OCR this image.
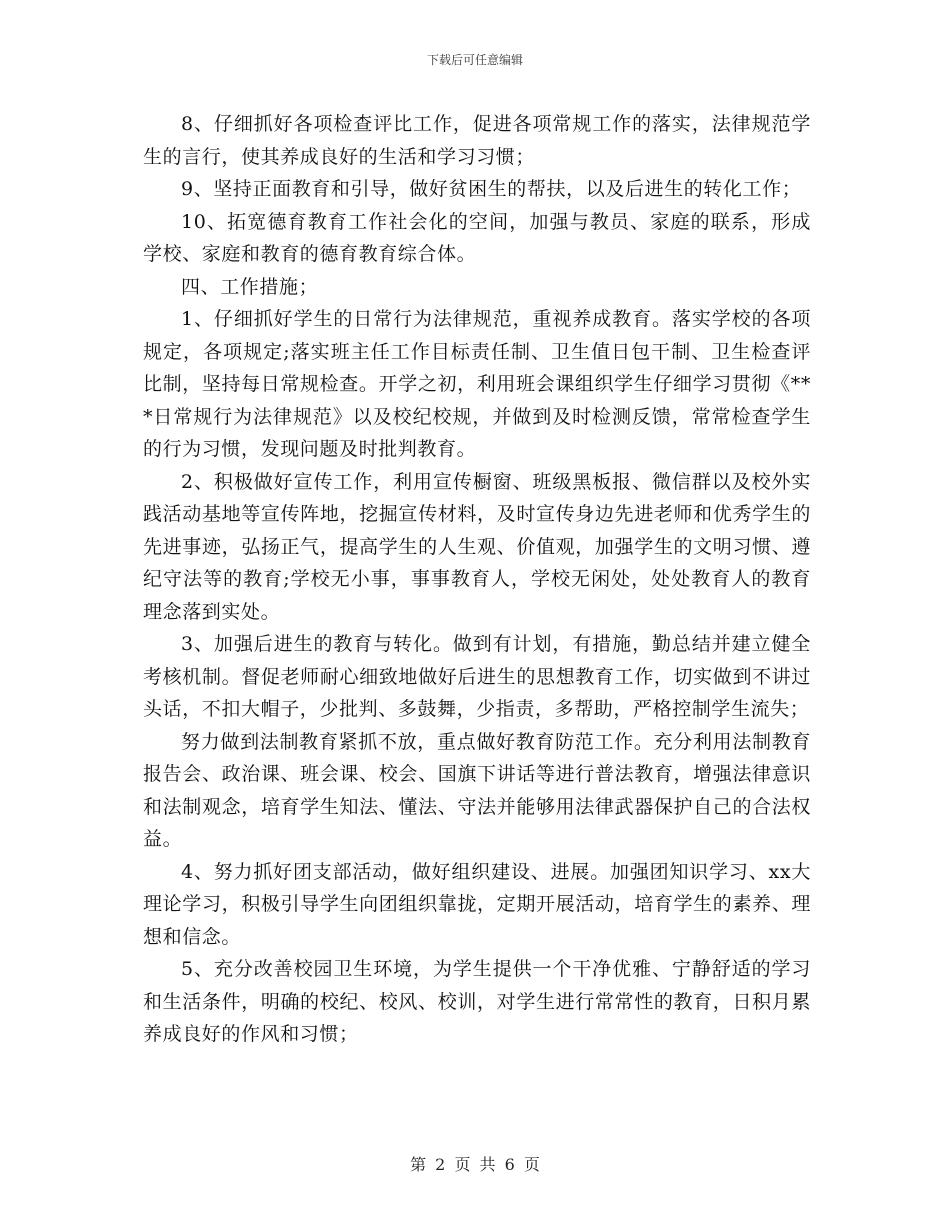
下载后可任意编辑

8、仔细抓好各项检查评比工作，促进各项常规工作的落实，法律规范学生的言行，使其养成良好的生活和学习习惯；

9、坚持正面教育和引导，做好贫困生的帮扶，以及后进生的转化工作；

10、拓宽德育教育工作社会化的空间，加强与教员、家庭的联系，形成学校、家庭和教育的德育教育综合体。

四、工作措施；

1、仔细抓好学生的日常行为法律规范，重视养成教育。落实学校的各项规定，各项规定;落实班主任工作目标责任制、卫生值日包干制、卫生检查评比制，坚持每日常规检查。开学之初，利用班会课组织学生仔细学习贯彻《***日常规行为法律规范》以及校纪校规，并做到及时检测反馈，常常检查学生的行为习惯，发现问题及时批判教育。

2、积极做好宣传工作，利用宣传橱窗、班级黑板报、微信群以及校外实践活动基地等宣传阵地，挖掘宣传材料，及时宣传身边先进老师和优秀学生的先进事迹，弘扬正气，提高学生的人生观、价值观，加强学生的文明习惯、遵纪守法等的教育;学校无小事，事事教育人，学校无闲处，处处教育人的教育理念落到实处。

3、加强后进生的教育与转化。做到有计划，有措施，勤总结并建立健全考核机制。督促老师耐心细致地做好后进生的思想教育工作，切实做到不讲过头话，不扣大帽子，少批判、多鼓舞，少指责，多帮助，严格控制学生流失；

努力做到法制教育紧抓不放，重点做好教育防范工作。充分利用法制教育报告会、政治课、班会课、校会、国旗下讲话等进行普法教育，增强法律意识和法制观念，培育学生知法、懂法、守法并能够用法律武器保护自己的合法权益。

4、努力抓好团支部活动，做好组织建设、进展。加强团知识学习、xx大理论学习，积极引导学生向团组织靠拢，定期开展活动，培育学生的素养、理想和信念。

5、充分改善校园卫生环境，为学生提供一个干净优雅、宁静舒适的学习和生活条件，明确的校纪、校风、校训，对学生进行常常性的教育，日积月累养成良好的作风和习惯；

第 2 页 共 6 页
